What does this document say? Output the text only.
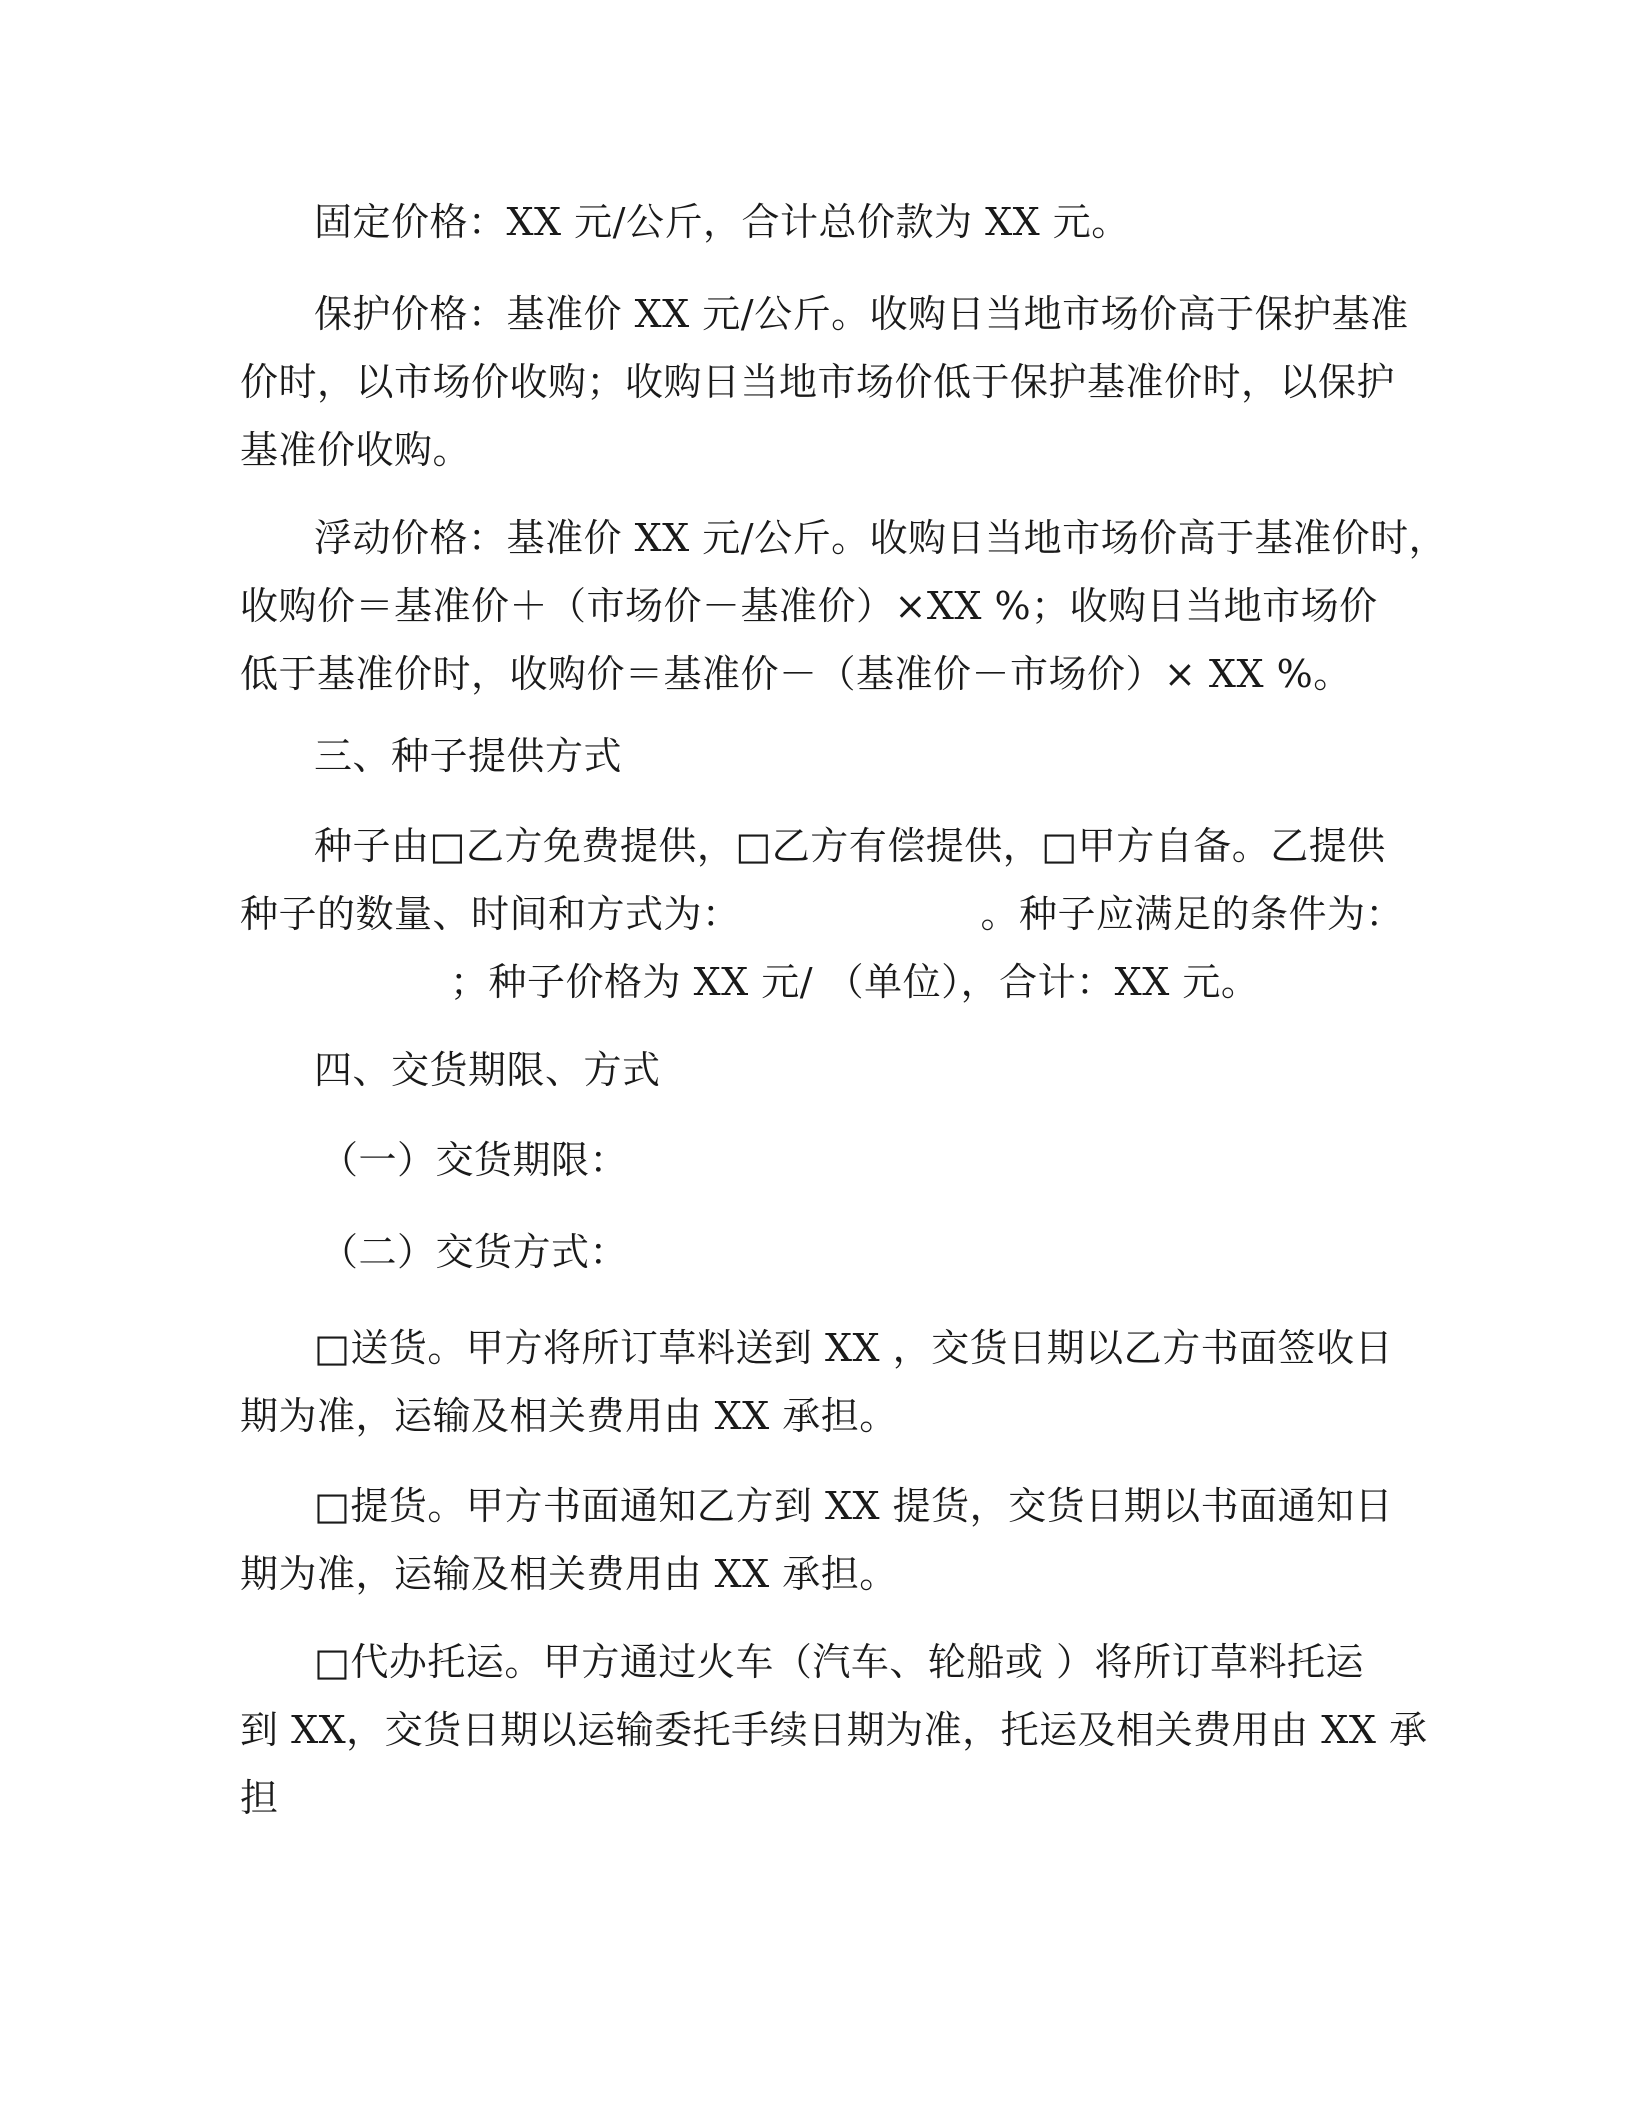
固定价格：XX 元/公斤，合计总价款为 XX 元。
保护价格：基准价 XX 元/公斤。收购日当地市场价高于保护基准
价时，以市场价收购；收购日当地市场价低于保护基准价时，以保护
基准价收购。
浮动价格：基准价 XX 元/公斤。收购日当地市场价高于基准价时，
收购价＝基准价＋（市场价－基准价）×XX %；收购日当地市场价
低于基准价时，收购价＝基准价－（基准价－市场价）× XX %。
三、种子提供方式
种子由□乙方免费提供，□乙方有偿提供，□甲方自备。乙提供
种子的数量、时间和方式为：	。种子应满足的条件为：
；种子价格为 XX 元/ （单位），合计：XX 元。
四、交货期限、方式
（一）交货期限：
（二）交货方式：
□送货。甲方将所订草料送到 XX ，交货日期以乙方书面签收日
期为准，运输及相关费用由 XX 承担。
□提货。甲方书面通知乙方到 XX 提货，交货日期以书面通知日
期为准，运输及相关费用由 XX 承担。
□代办托运。甲方通过火车（汽车、轮船或 ）将所订草料托运
到 XX，交货日期以运输委托手续日期为准，托运及相关费用由 XX 承
担
